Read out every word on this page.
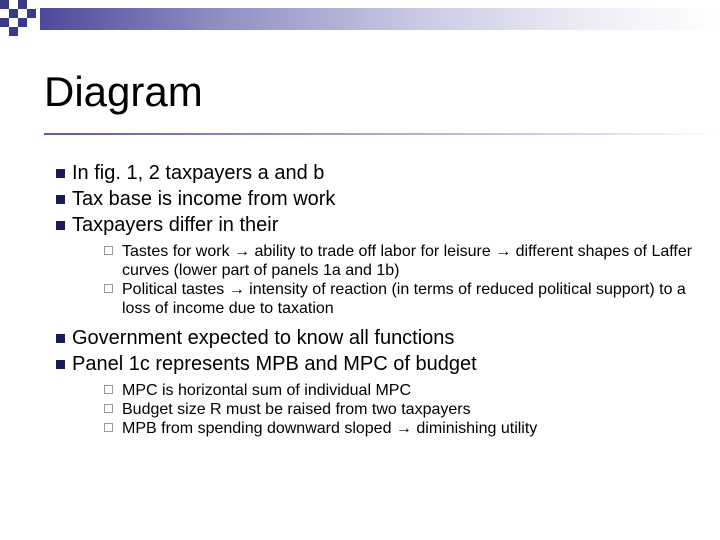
Diagram
In fig. 1, 2 taxpayers a and b
Tax base is income from work
Taxpayers differ in their
Tastes for work → ability to trade off labor for leisure → different shapes of Laffer curves (lower part of panels 1a and 1b)
Political tastes → intensity of reaction (in terms of reduced political support) to a loss of income due to taxation
Government expected to know all functions
Panel 1c represents MPB and MPC of budget
MPC is horizontal sum of individual MPC
Budget size R must be raised from two taxpayers
MPB from spending downward sloped → diminishing utility
